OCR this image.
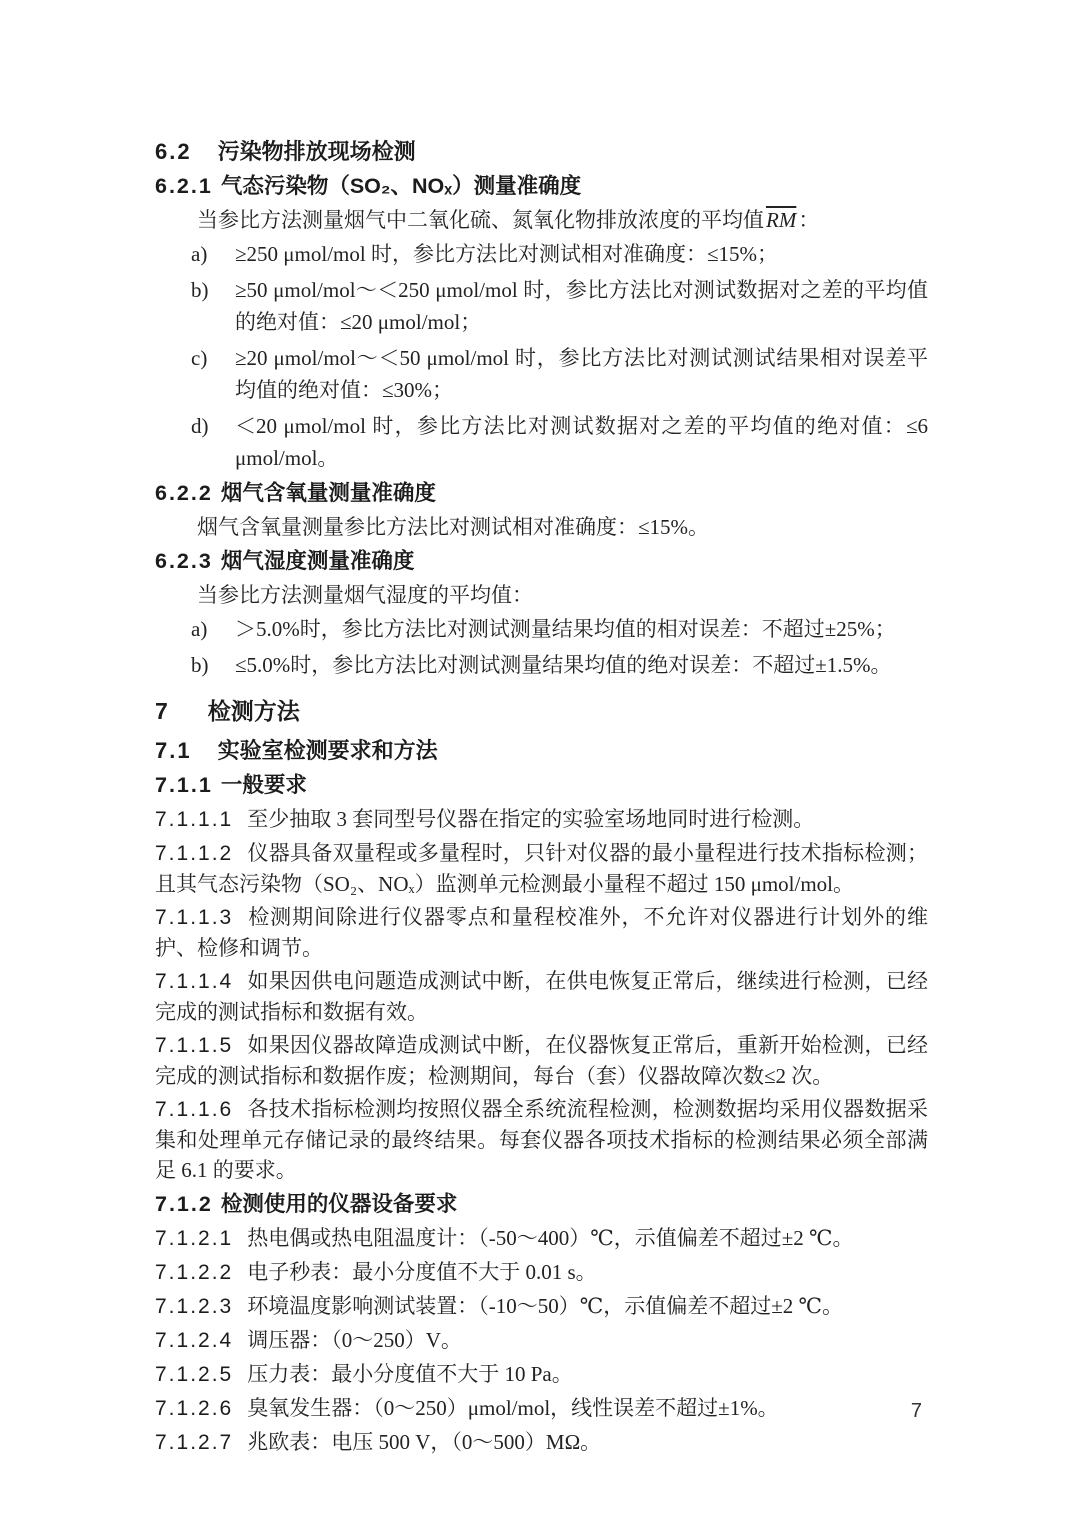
6.2 污染物排放现场检测
6.2.1 气态污染物（SO₂、NOₓ）测量准确度

当参比方法测量烟气中二氧化硫、氮氧化物排放浓度的平均值$\overline{RM}$：

a)	≥250 μmol/mol 时，参比方法比对测试相对准确度：≤15%；
b)	≥50 μmol/mol～＜250 μmol/mol 时，参比方法比对测试数据对之差的平均值的绝对值：≤20 μmol/mol；
c)	≥20 μmol/mol～＜50 μmol/mol 时，参比方法比对测试测试结果相对误差平均值的绝对值：≤30%；
d)	＜20 μmol/mol 时，参比方法比对测试数据对之差的平均值的绝对值：≤6 μmol/mol。
6.2.2 烟气含氧量测量准确度

烟气含氧量测量参比方法比对测试相对准确度：≤15%。

6.2.3 烟气湿度测量准确度

当参比方法测量烟气湿度的平均值：

a)	＞5.0%时，参比方法比对测试测量结果均值的相对误差：不超过±25%；
b)	≤5.0%时，参比方法比对测试测量结果均值的绝对误差：不超过±1.5%。
7 检测方法
7.1 实验室检测要求和方法
7.1.1 一般要求

7.1.1.1 至少抽取 3 套同型号仪器在指定的实验室场地同时进行检测。

7.1.1.2 仪器具备双量程或多量程时，只针对仪器的最小量程进行技术指标检测；且其气态污染物（SO₂、NOₓ）监测单元检测最小量程不超过 150 μmol/mol。

7.1.1.3 检测期间除进行仪器零点和量程校准外，不允许对仪器进行计划外的维护、检修和调节。

7.1.1.4 如果因供电问题造成测试中断，在供电恢复正常后，继续进行检测，已经完成的测试指标和数据有效。

7.1.1.5 如果因仪器故障造成测试中断，在仪器恢复正常后，重新开始检测，已经完成的测试指标和数据作废；检测期间，每台（套）仪器故障次数≤2 次。

7.1.1.6 各技术指标检测均按照仪器全系统流程检测，检测数据均采用仪器数据采集和处理单元存储记录的最终结果。每套仪器各项技术指标的检测结果必须全部满足 6.1 的要求。

7.1.2 检测使用的仪器设备要求

7.1.2.1 热电偶或热电阻温度计：（-50～400）℃，示值偏差不超过±2 ℃。

7.1.2.2 电子秒表：最小分度值不大于 0.01 s。

7.1.2.3 环境温度影响测试装置：（-10～50）℃，示值偏差不超过±2 ℃。

7.1.2.4 调压器：（0～250）V。

7.1.2.5 压力表：最小分度值不大于 10 Pa。

7.1.2.6 臭氧发生器：（0～250）μmol/mol，线性误差不超过±1%。

7.1.2.7 兆欧表：电压 500 V，（0～500）MΩ。

7
